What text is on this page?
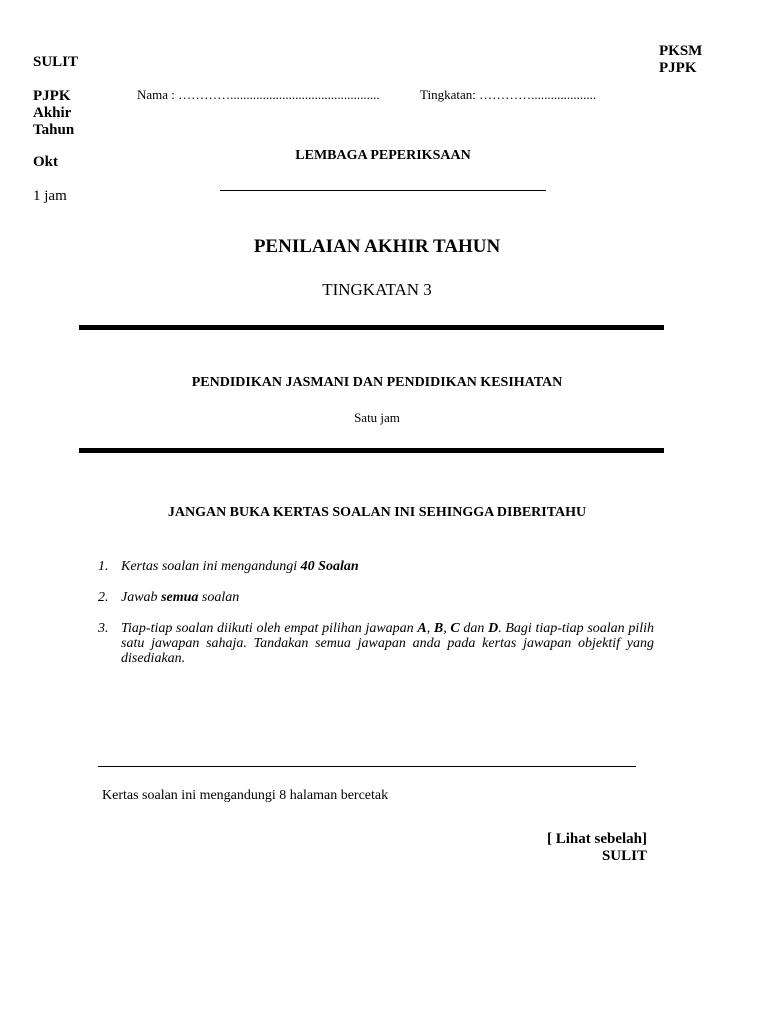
SULIT
PJPK
Akhir
Tahun
Okt
1 jam
PKSM
PJPK
Nama : …………..............................................	Tingkatan: …………....................
LEMBAGA PEPERIKSAAN
PENILAIAN AKHIR TAHUN
TINGKATAN 3
PENDIDIKAN JASMANI DAN PENDIDIKAN KESIHATAN
Satu jam
JANGAN BUKA KERTAS SOALAN INI SEHINGGA DIBERITAHU
1. Kertas soalan ini mengandungi 40 Soalan
2. Jawab semua soalan
3. Tiap-tiap soalan diikuti oleh empat pilihan jawapan A, B, C dan D. Bagi tiap-tiap soalan pilih satu jawapan sahaja. Tandakan semua jawapan anda pada kertas jawapan objektif yang disediakan.
Kertas soalan ini mengandungi 8 halaman bercetak
[ Lihat sebelah]
SULIT
